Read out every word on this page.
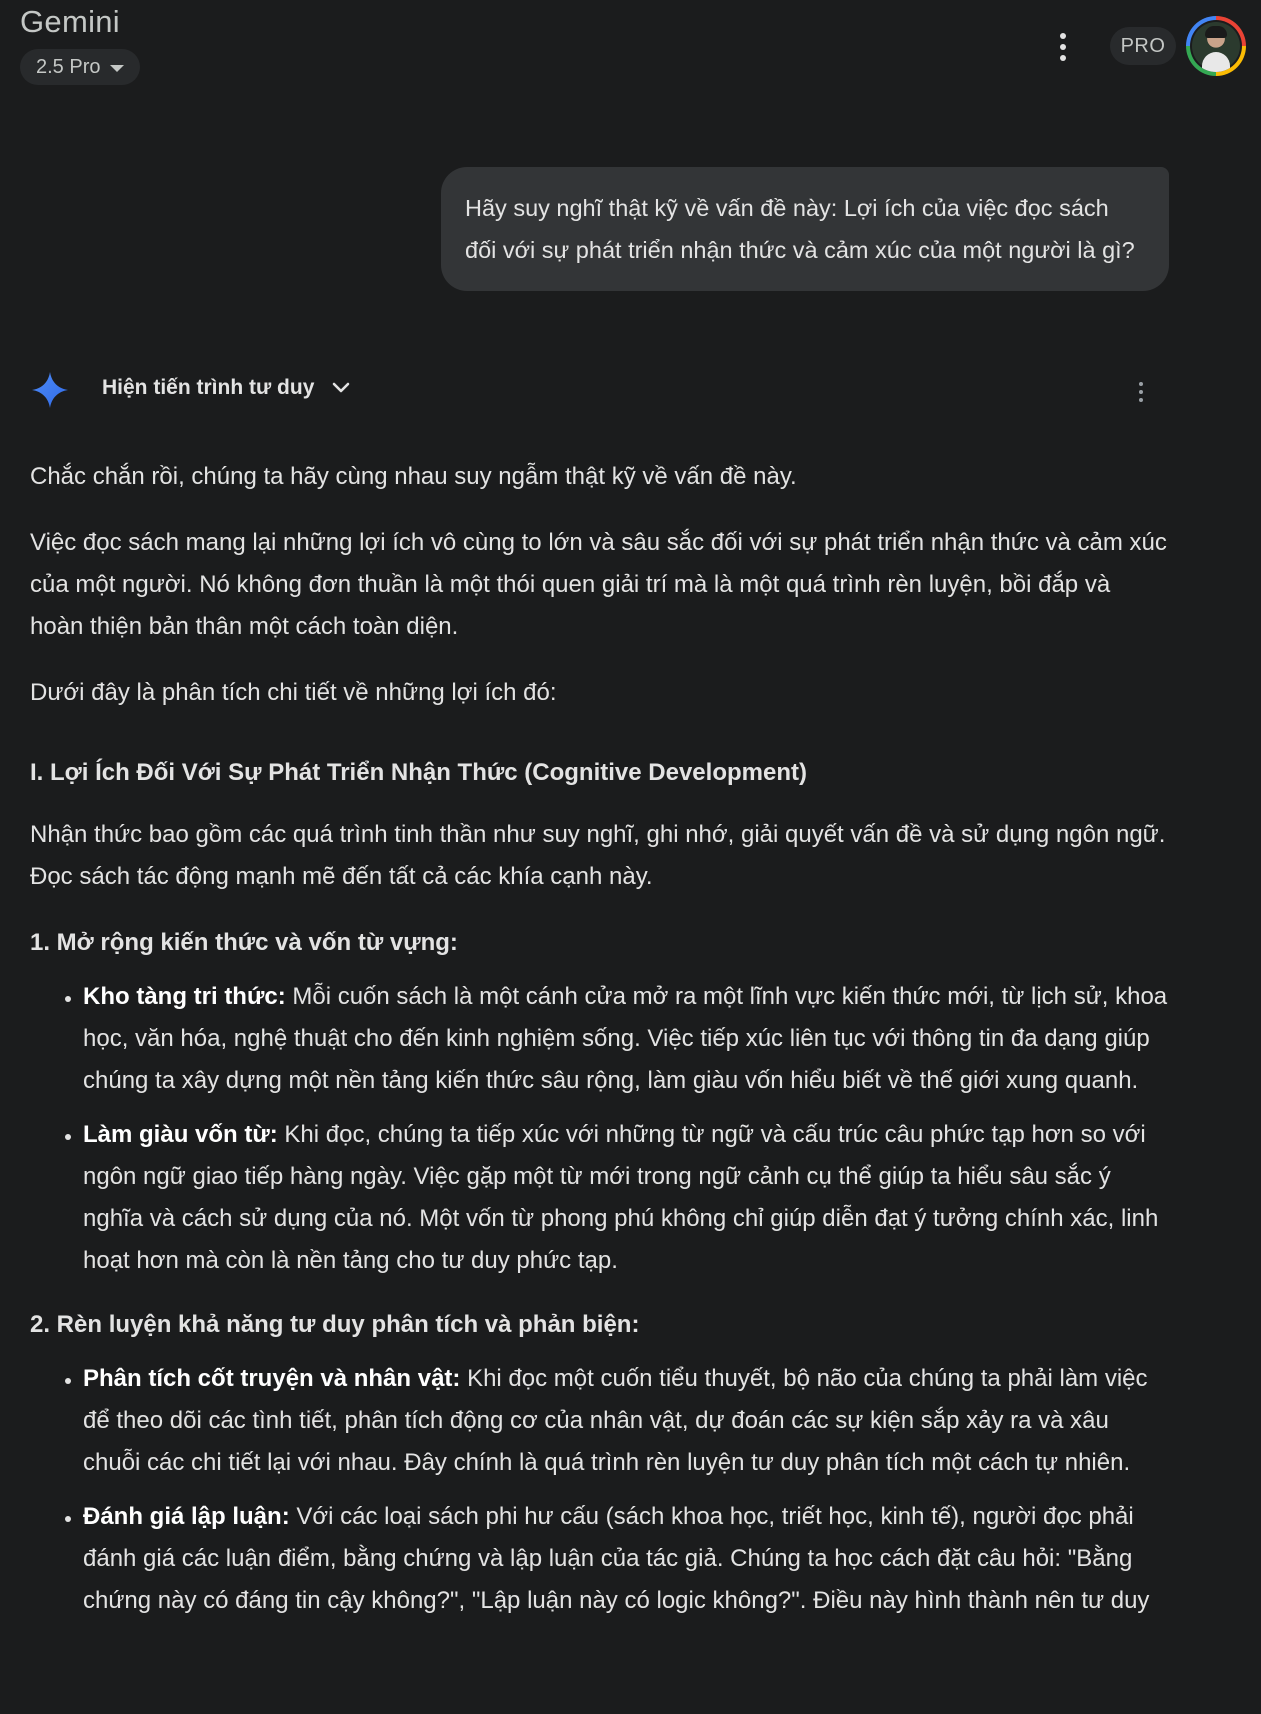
Gemini
2.5 Pro
PRO
Hãy suy nghĩ thật kỹ về vấn đề này: Lợi ích của việc đọc sách đối với sự phát triển nhận thức và cảm xúc của một người là gì?
Hiện tiến trình tư duy

Chắc chắn rồi, chúng ta hãy cùng nhau suy ngẫm thật kỹ về vấn đề này.

Việc đọc sách mang lại những lợi ích vô cùng to lớn và sâu sắc đối với sự phát triển nhận thức và cảm xúc của một người. Nó không đơn thuần là một thói quen giải trí mà là một quá trình rèn luyện, bồi đắp và hoàn thiện bản thân một cách toàn diện.

Dưới đây là phân tích chi tiết về những lợi ích đó:

I. Lợi Ích Đối Với Sự Phát Triển Nhận Thức (Cognitive Development)

Nhận thức bao gồm các quá trình tinh thần như suy nghĩ, ghi nhớ, giải quyết vấn đề và sử dụng ngôn ngữ. Đọc sách tác động mạnh mẽ đến tất cả các khía cạnh này.

1. Mở rộng kiến thức và vốn từ vựng:
• Kho tàng tri thức: Mỗi cuốn sách là một cánh cửa mở ra một lĩnh vực kiến thức mới, từ lịch sử, khoa học, văn hóa, nghệ thuật cho đến kinh nghiệm sống. Việc tiếp xúc liên tục với thông tin đa dạng giúp chúng ta xây dựng một nền tảng kiến thức sâu rộng, làm giàu vốn hiểu biết về thế giới xung quanh.
• Làm giàu vốn từ: Khi đọc, chúng ta tiếp xúc với những từ ngữ và cấu trúc câu phức tạp hơn so với ngôn ngữ giao tiếp hàng ngày. Việc gặp một từ mới trong ngữ cảnh cụ thể giúp ta hiểu sâu sắc ý nghĩa và cách sử dụng của nó. Một vốn từ phong phú không chỉ giúp diễn đạt ý tưởng chính xác, linh hoạt hơn mà còn là nền tảng cho tư duy phức tạp.
2. Rèn luyện khả năng tư duy phân tích và phản biện:
• Phân tích cốt truyện và nhân vật: Khi đọc một cuốn tiểu thuyết, bộ não của chúng ta phải làm việc để theo dõi các tình tiết, phân tích động cơ của nhân vật, dự đoán các sự kiện sắp xảy ra và xâu chuỗi các chi tiết lại với nhau. Đây chính là quá trình rèn luyện tư duy phân tích một cách tự nhiên.
• Đánh giá lập luận: Với các loại sách phi hư cấu (sách khoa học, triết học, kinh tế), người đọc phải đánh giá các luận điểm, bằng chứng và lập luận của tác giả. Chúng ta học cách đặt câu hỏi: "Bằng chứng này có đáng tin cậy không?", "Lập luận này có logic không?". Điều này hình thành nên tư duy
